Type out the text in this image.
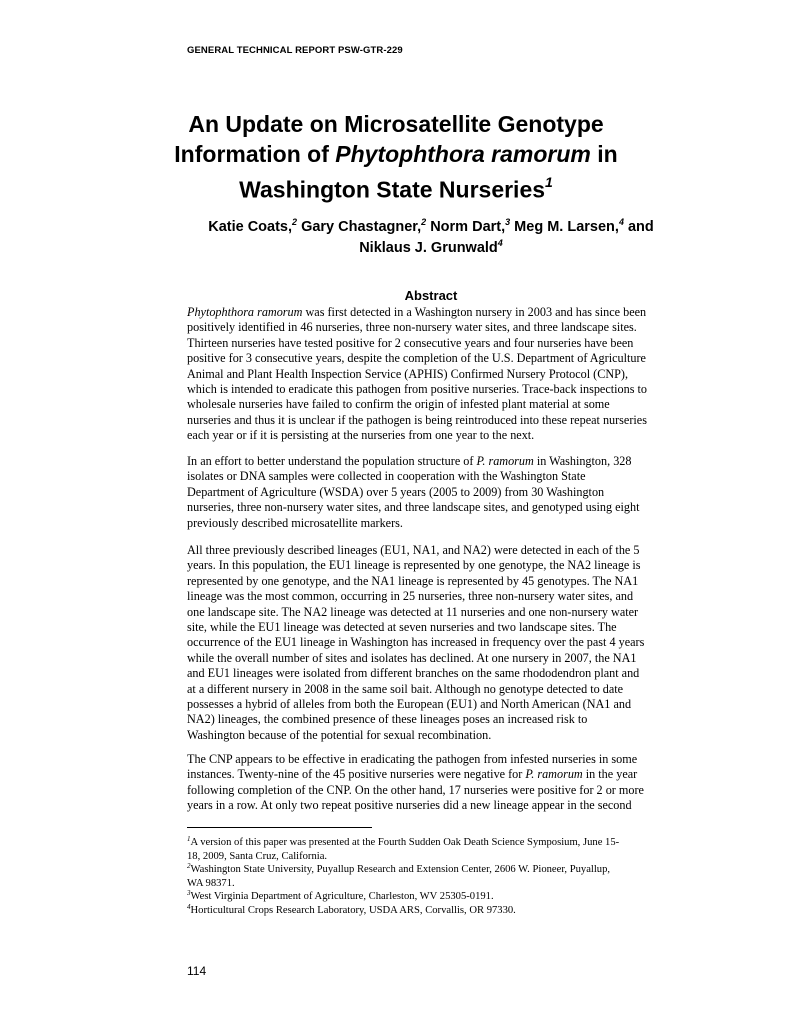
GENERAL TECHNICAL REPORT PSW-GTR-229
An Update on Microsatellite Genotype
Information of Phytophthora ramorum in
Washington State Nurseries$^1$
Katie Coats,$^2$ Gary Chastagner,$^2$ Norm Dart,$^3$ Meg M. Larsen,$^4$ and
Niklaus J. Grunwald$^4$
Abstract
Phytophthora ramorum was first detected in a Washington nursery in 2003 and has since been
positively identified in 46 nurseries, three non-nursery water sites, and three landscape sites.
Thirteen nurseries have tested positive for 2 consecutive years and four nurseries have been
positive for 3 consecutive years, despite the completion of the U.S. Department of Agriculture
Animal and Plant Health Inspection Service (APHIS) Confirmed Nursery Protocol (CNP),
which is intended to eradicate this pathogen from positive nurseries. Trace-back inspections to
wholesale nurseries have failed to confirm the origin of infested plant material at some
nurseries and thus it is unclear if the pathogen is being reintroduced into these repeat nurseries
each year or if it is persisting at the nurseries from one year to the next.
In an effort to better understand the population structure of P. ramorum in Washington, 328
isolates or DNA samples were collected in cooperation with the Washington State
Department of Agriculture (WSDA) over 5 years (2005 to 2009) from 30 Washington
nurseries, three non-nursery water sites, and three landscape sites, and genotyped using eight
previously described microsatellite markers.
All three previously described lineages (EU1, NA1, and NA2) were detected in each of the 5
years. In this population, the EU1 lineage is represented by one genotype, the NA2 lineage is
represented by one genotype, and the NA1 lineage is represented by 45 genotypes. The NA1
lineage was the most common, occurring in 25 nurseries, three non-nursery water sites, and
one landscape site. The NA2 lineage was detected at 11 nurseries and one non-nursery water
site, while the EU1 lineage was detected at seven nurseries and two landscape sites. The
occurrence of the EU1 lineage in Washington has increased in frequency over the past 4 years
while the overall number of sites and isolates has declined. At one nursery in 2007, the NA1
and EU1 lineages were isolated from different branches on the same rhododendron plant and
at a different nursery in 2008 in the same soil bait. Although no genotype detected to date
possesses a hybrid of alleles from both the European (EU1) and North American (NA1 and
NA2) lineages, the combined presence of these lineages poses an increased risk to
Washington because of the potential for sexual recombination.
The CNP appears to be effective in eradicating the pathogen from infested nurseries in some
instances. Twenty-nine of the 45 positive nurseries were negative for P. ramorum in the year
following completion of the CNP. On the other hand, 17 nurseries were positive for 2 or more
years in a row. At only two repeat positive nurseries did a new lineage appear in the second
$^1$A version of this paper was presented at the Fourth Sudden Oak Death Science Symposium, June 15-
18, 2009, Santa Cruz, California.
$^2$Washington State University, Puyallup Research and Extension Center, 2606 W. Pioneer, Puyallup,
WA 98371.
$^3$West Virginia Department of Agriculture, Charleston, WV 25305-0191.
$^4$Horticultural Crops Research Laboratory, USDA ARS, Corvallis, OR 97330.
114
